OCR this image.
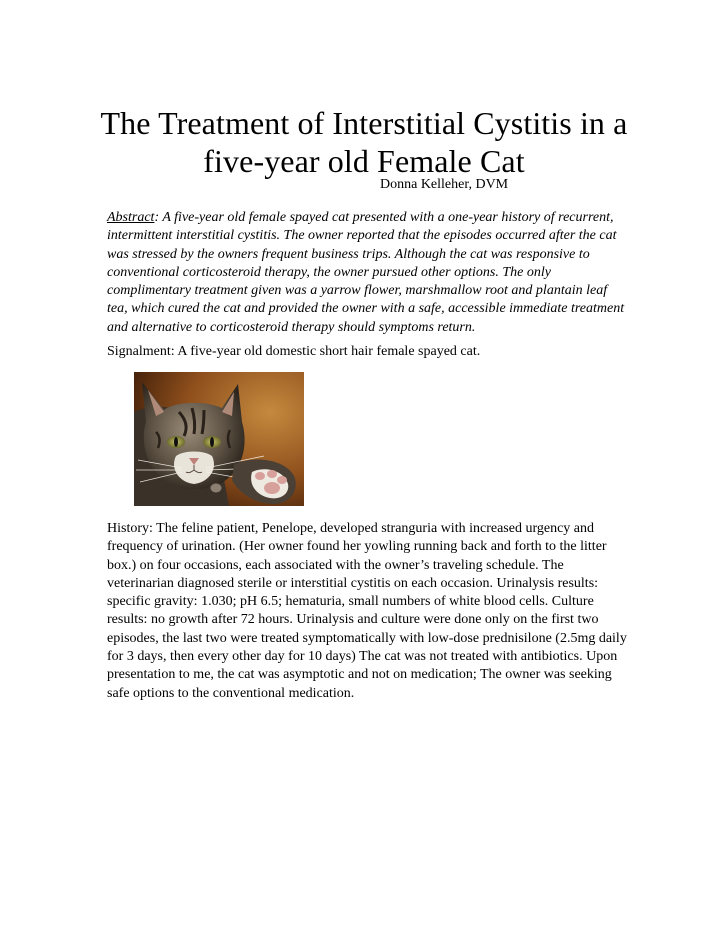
The Treatment of Interstitial Cystitis in a
five-year old Female Cat

Donna Kelleher, DVM

Abstract: A five-year old female spayed cat presented with a one-year history of recurrent, intermittent interstitial cystitis. The owner reported that the episodes occurred after the cat was stressed by the owners frequent business trips. Although the cat was responsive to conventional corticosteroid therapy, the owner pursued other options. The only complimentary treatment given was a yarrow flower, marshmallow root and plantain leaf tea, which cured the cat and provided the owner with a safe, accessible immediate treatment and alternative to corticosteroid therapy should symptoms return.

Signalment: A five-year old domestic short hair female spayed cat.

History: The feline patient, Penelope, developed stranguria with increased urgency and frequency of urination. (Her owner found her yowling running back and forth to the litter box.) on four occasions, each associated with the owner’s traveling schedule. The veterinarian diagnosed sterile or interstitial cystitis on each occasion. Urinalysis results: specific gravity: 1.030; pH 6.5; hematuria, small numbers of white blood cells. Culture results: no growth after 72 hours. Urinalysis and culture were done only on the first two episodes, the last two were treated symptomatically with low-dose prednisilone (2.5mg daily for 3 days, then every other day for 10 days) The cat was not treated with antibiotics. Upon presentation to me, the cat was asymptotic and not on medication; The owner was seeking safe options to the conventional medication.
